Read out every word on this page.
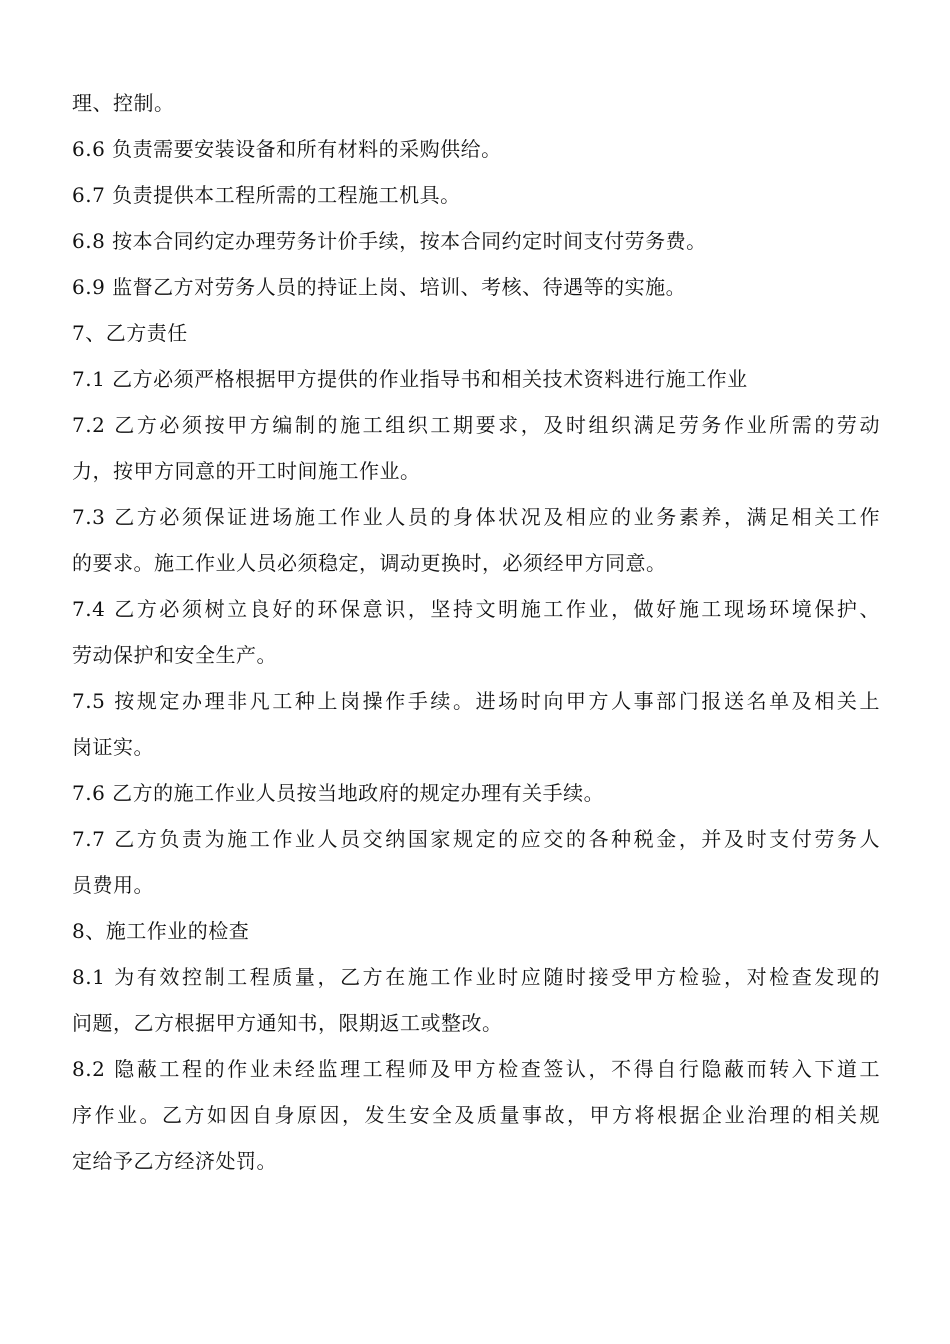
理、控制。

6.6 负责需要安装设备和所有材料的采购供给。

6.7 负责提供本工程所需的工程施工机具。

6.8 按本合同约定办理劳务计价手续，按本合同约定时间支付劳务费。

6.9 监督乙方对劳务人员的持证上岗、培训、考核、待遇等的实施。

7、乙方责任

7.1 乙方必须严格根据甲方提供的作业指导书和相关技术资料进行施工作业

7.2 乙方必须按甲方编制的施工组织工期要求，及时组织满足劳务作业所需的劳动
力，按甲方同意的开工时间施工作业。

7.3 乙方必须保证进场施工作业人员的身体状况及相应的业务素养，满足相关工作
的要求。施工作业人员必须稳定，调动更换时，必须经甲方同意。

7.4 乙方必须树立良好的环保意识，坚持文明施工作业，做好施工现场环境保护、
劳动保护和安全生产。

7.5 按规定办理非凡工种上岗操作手续。进场时向甲方人事部门报送名单及相关上
岗证实。

7.6 乙方的施工作业人员按当地政府的规定办理有关手续。

7.7 乙方负责为施工作业人员交纳国家规定的应交的各种税金，并及时支付劳务人
员费用。

8、施工作业的检查

8.1 为有效控制工程质量，乙方在施工作业时应随时接受甲方检验，对检查发现的
问题，乙方根据甲方通知书，限期返工或整改。

8.2 隐蔽工程的作业未经监理工程师及甲方检查签认，不得自行隐蔽而转入下道工
序作业。乙方如因自身原因，发生安全及质量事故，甲方将根据企业治理的相关规
定给予乙方经济处罚。
